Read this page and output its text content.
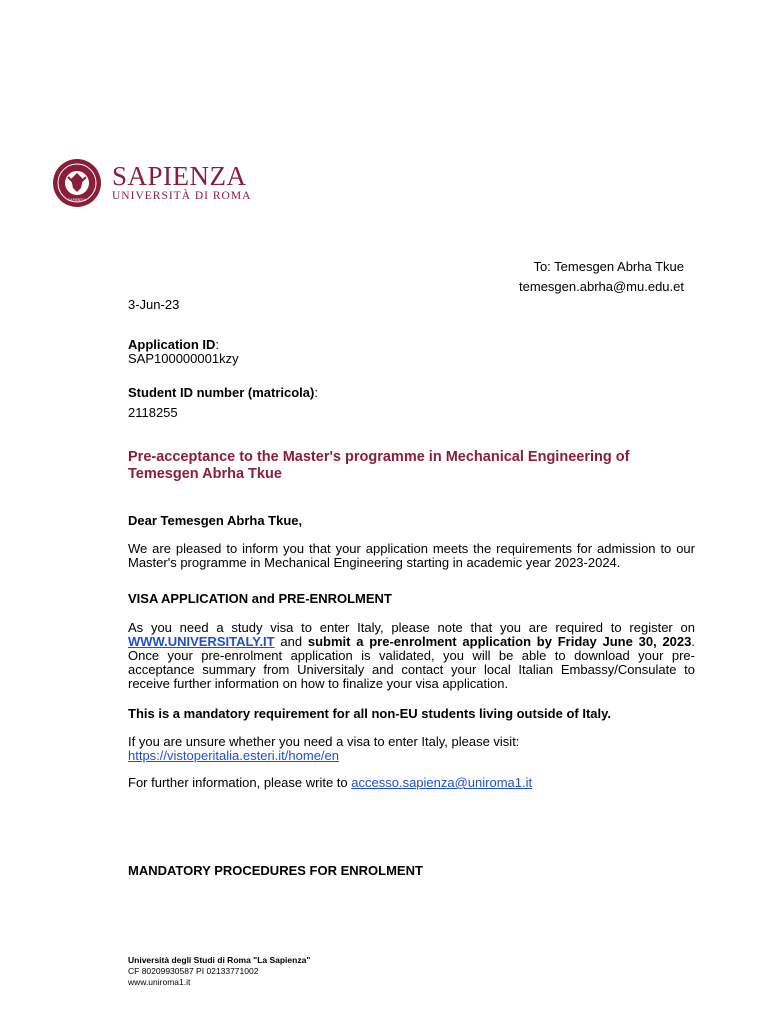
SAPIENTIA
SAPIENZA
UNIVERSITÀ DI ROMA
To: Temesgen Abrha Tkue
temesgen.abrha@mu.edu.et
3-Jun-23
Application ID:
SAP100000001kzy
Student ID number (matricola):
2118255
Pre-acceptance to the Master's programme in Mechanical Engineering of Temesgen Abrha Tkue
Dear Temesgen Abrha Tkue,
We are pleased to inform you that your application meets the requirements for admission to our Master's programme in Mechanical Engineering starting in academic year 2023-2024.
VISA APPLICATION and PRE-ENROLMENT
As you need a study visa to enter Italy, please note that you are required to register on WWW.UNIVERSITALY.IT and submit a pre-enrolment application by Friday June 30, 2023. Once your pre-enrolment application is validated, you will be able to download your pre-acceptance summary from Universitaly and contact your local Italian Embassy/Consulate to receive further information on how to finalize your visa application.
This is a mandatory requirement for all non-EU students living outside of Italy.
If you are unsure whether you need a visa to enter Italy, please visit:
https://vistoperitalia.esteri.it/home/en
For further information, please write to accesso.sapienza@uniroma1.it
MANDATORY PROCEDURES FOR ENROLMENT
Università degli Studi di Roma "La Sapienza"
CF 80209930587 PI 02133771002
www.uniroma1.it
